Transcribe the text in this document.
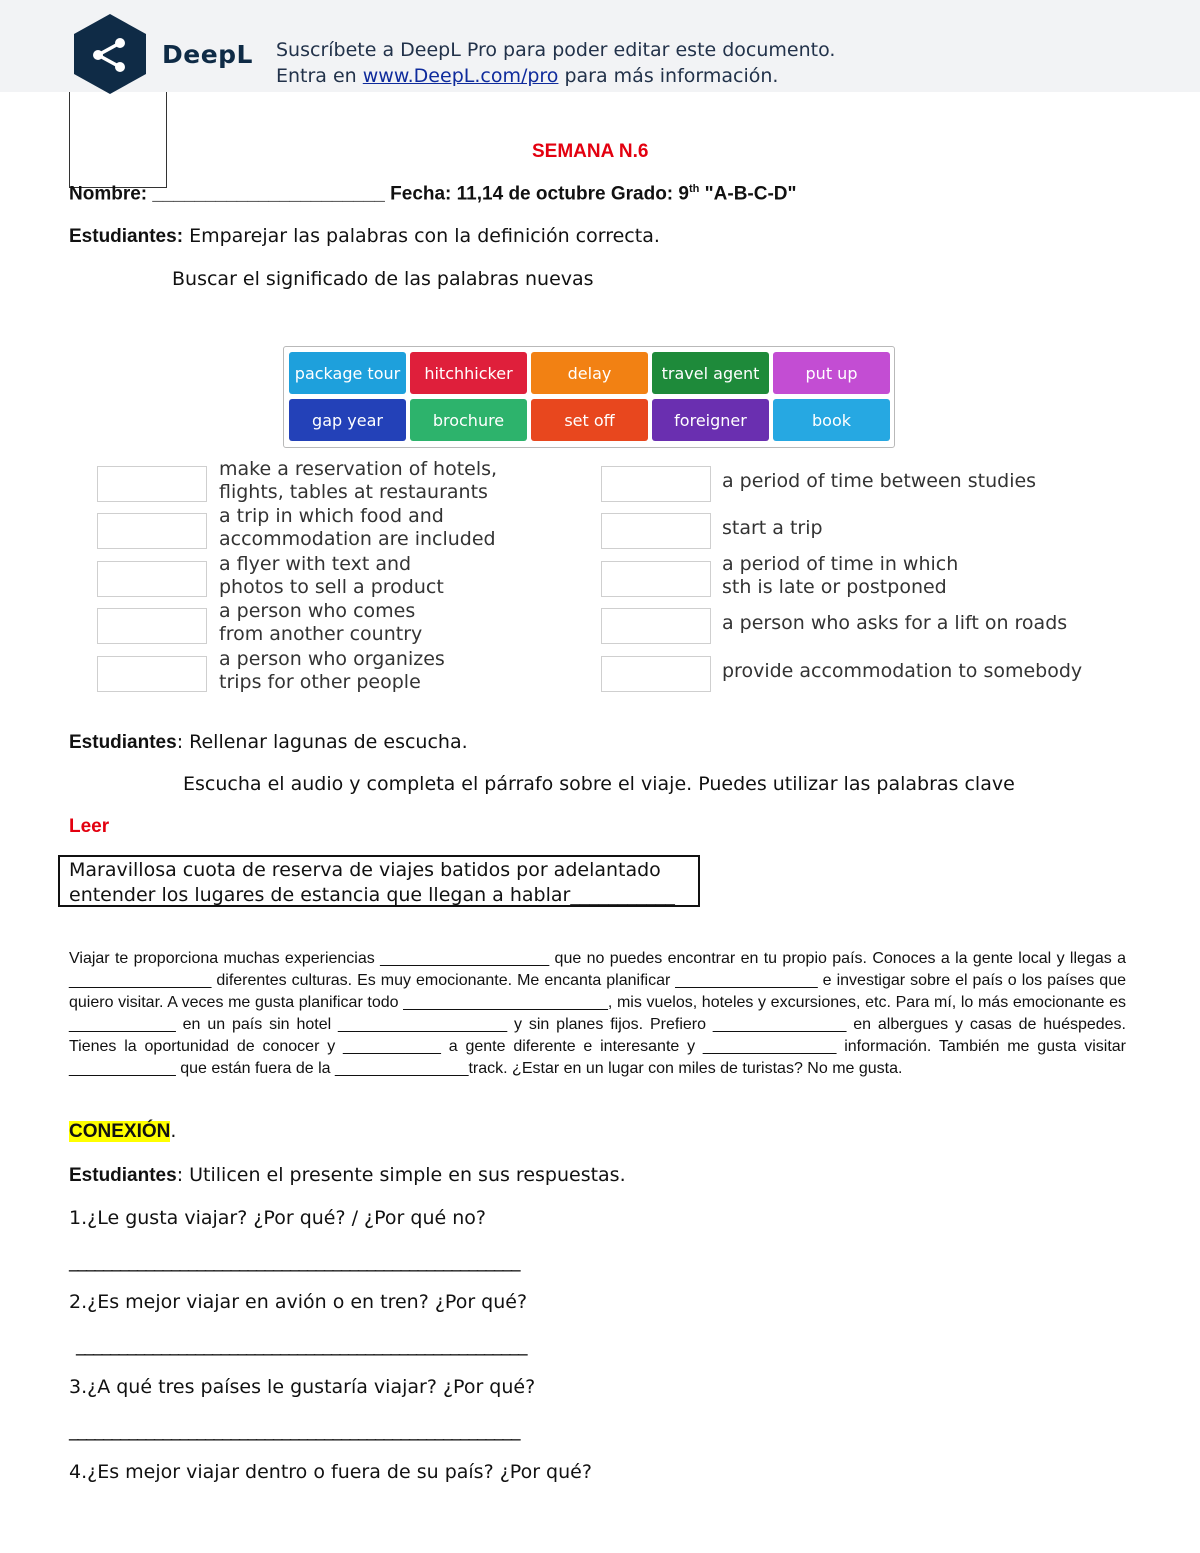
DeepL Suscríbete a DeepL Pro para poder editar este documento.
Entra en www.DeepL.com/pro para más información.
SEMANA N.6
Nombre: ______________________ Fecha: 11,14 de octubre Grado: 9th "A-B-C-D"
Estudiantes: Emparejar las palabras con la definición correcta.
Buscar el significado de las palabras nuevas
package tour	hitchhicker	delay	travel agent	put up
gap year	brochure	set off	foreigner	book
make a reservation of hotels,
flights, tables at restaurants
a trip in which food and
accommodation are included
a flyer with text and
photos to sell a product
a person who comes
from another country
a person who organizes
trips for other people
a period of time between studies
start a trip
a period of time in which
sth is late or postponed
a person who asks for a lift on roads
provide accommodation to somebody
Estudiantes: Rellenar lagunas de escucha.
Escucha el audio y completa el párrafo sobre el viaje. Puedes utilizar las palabras clave
Leer
Maravillosa cuota de reserva de viajes batidos por adelantado
entender los lugares de estancia que llegan a hablar___________
Viajar te proporciona muchas experiencias ___________________ que no puedes encontrar en tu propio país. Conoces a la gente local y llegas a ________________ diferentes culturas. Es muy emocionante. Me encanta planificar ________________ e investigar sobre el país o los países que quiero visitar. A veces me gusta planificar todo _______________________, mis vuelos, hoteles y excursiones, etc. Para mí, lo más emocionante es ____________ en un país sin hotel ___________________ y sin planes fijos. Prefiero _______________ en albergues y casas de huéspedes. Tienes la oportunidad de conocer y ___________ a gente diferente e interesante y _______________ información. También me gusta visitar ____________ que están fuera de la _______________track. ¿Estar en un lugar con miles de turistas? No me gusta.
CONEXIÓN.
Estudiantes: Utilicen el presente simple en sus respuestas.
1.¿Le gusta viajar? ¿Por qué? / ¿Por qué no?
_____________________________________________________
2.¿Es mejor viajar en avión o en tren? ¿Por qué?
_____________________________________________________
3.¿A qué tres países le gustaría viajar? ¿Por qué?
_____________________________________________________
4.¿Es mejor viajar dentro o fuera de su país? ¿Por qué?
